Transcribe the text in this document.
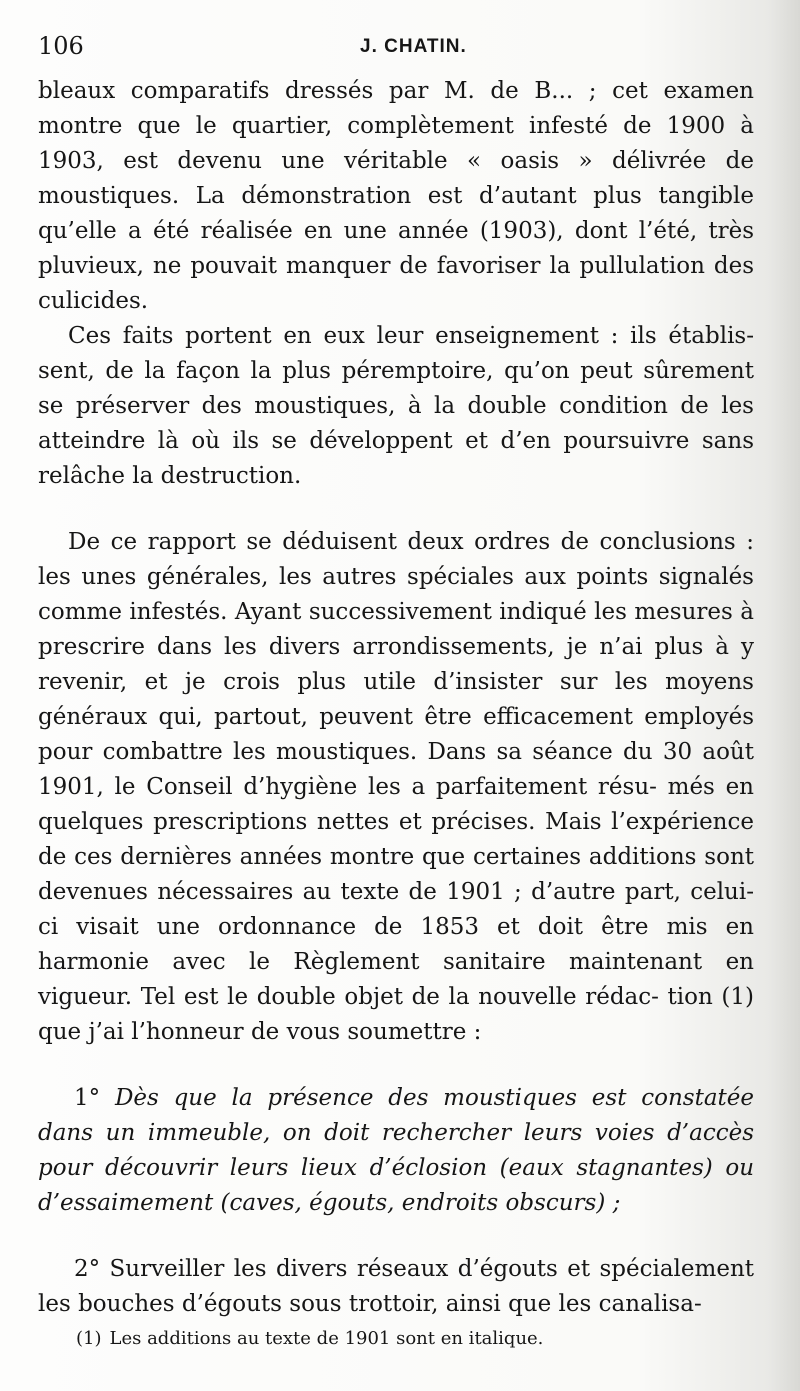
106	J. CHATIN.

bleaux comparatifs dressés par M. de B... ; cet examen montre que le quartier, complètement infesté de 1900 à 1903, est devenu une véritable « oasis » délivrée de moustiques. La démonstration est d’autant plus tangible qu’elle a été réalisée en une année (1903), dont l’été, très pluvieux, ne pouvait manquer de favoriser la pullulation des culicides.

Ces faits portent en eux leur enseignement : ils établis- sent, de la façon la plus péremptoire, qu’on peut sûrement se préserver des moustiques, à la double condition de les atteindre là où ils se développent et d’en poursuivre sans relâche la destruction.

De ce rapport se déduisent deux ordres de conclusions : les unes générales, les autres spéciales aux points signalés comme infestés. Ayant successivement indiqué les mesures à prescrire dans les divers arrondissements, je n’ai plus à y revenir, et je crois plus utile d’insister sur les moyens généraux qui, partout, peuvent être efficacement employés pour combattre les moustiques. Dans sa séance du 30 août 1901, le Conseil d’hygiène les a parfaitement résu- més en quelques prescriptions nettes et précises. Mais l’expérience de ces dernières années montre que certaines additions sont devenues nécessaires au texte de 1901 ; d’autre part, celui-ci visait une ordonnance de 1853 et doit être mis en harmonie avec le Règlement sanitaire maintenant en vigueur. Tel est le double objet de la nouvelle rédac- tion (1) que j’ai l’honneur de vous soumettre :

1° Dès que la présence des moustiques est constatée dans un immeuble, on doit rechercher leurs voies d’accès pour découvrir leurs lieux d’éclosion (eaux stagnantes) ou d’essaimement (caves, égouts, endroits obscurs) ;

2° Surveiller les divers réseaux d’égouts et spécialement les bouches d’égouts sous trottoir, ainsi que les canalisa-

(1) Les additions au texte de 1901 sont en italique.
